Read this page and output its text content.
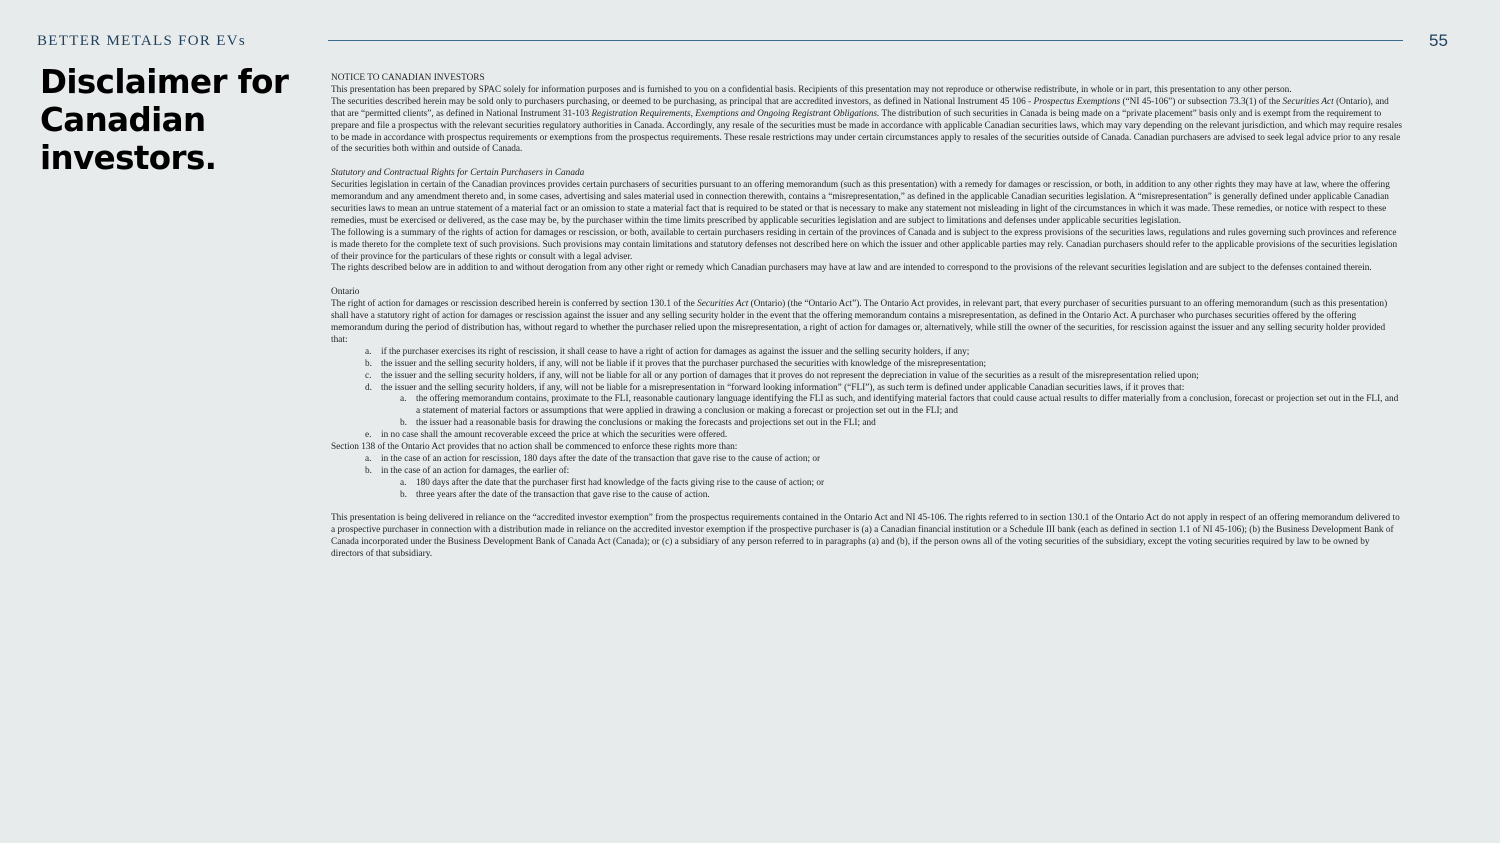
BETTER METALS FOR EVs	55
Disclaimer for
Canadian
investors.

NOTICE TO CANADIAN INVESTORS

This presentation has been prepared by SPAC solely for information purposes and is furnished to you on a confidential basis. Recipients of this presentation may not reproduce or otherwise redistribute, in whole or in part, this presentation to any other person.

The securities described herein may be sold only to purchasers purchasing, or deemed to be purchasing, as principal that are accredited investors, as defined in National Instrument 45 106 - Prospectus Exemptions (“NI 45-106”) or subsection 73.3(1) of the Securities Act (Ontario), and that are “permitted clients”, as defined in National Instrument 31-103 Registration Requirements, Exemptions and Ongoing Registrant Obligations. The distribution of such securities in Canada is being made on a “private placement” basis only and is exempt from the requirement to prepare and file a prospectus with the relevant securities regulatory authorities in Canada. Accordingly, any resale of the securities must be made in accordance with applicable Canadian securities laws, which may vary depending on the relevant jurisdiction, and which may require resales to be made in accordance with prospectus requirements or exemptions from the prospectus requirements. These resale restrictions may under certain circumstances apply to resales of the securities outside of Canada. Canadian purchasers are advised to seek legal advice prior to any resale of the securities both within and outside of Canada.

Statutory and Contractual Rights for Certain Purchasers in Canada

Securities legislation in certain of the Canadian provinces provides certain purchasers of securities pursuant to an offering memorandum (such as this presentation) with a remedy for damages or rescission, or both, in addition to any other rights they may have at law, where the offering memorandum and any amendment thereto and, in some cases, advertising and sales material used in connection therewith, contains a “misrepresentation,” as defined in the applicable Canadian securities legislation. A “misrepresentation” is generally defined under applicable Canadian securities laws to mean an untrue statement of a material fact or an omission to state a material fact that is required to be stated or that is necessary to make any statement not misleading in light of the circumstances in which it was made. These remedies, or notice with respect to these remedies, must be exercised or delivered, as the case may be, by the purchaser within the time limits prescribed by applicable securities legislation and are subject to limitations and defenses under applicable securities legislation.

The following is a summary of the rights of action for damages or rescission, or both, available to certain purchasers residing in certain of the provinces of Canada and is subject to the express provisions of the securities laws, regulations and rules governing such provinces and reference is made thereto for the complete text of such provisions. Such provisions may contain limitations and statutory defenses not described here on which the issuer and other applicable parties may rely. Canadian purchasers should refer to the applicable provisions of the securities legislation of their province for the particulars of these rights or consult with a legal adviser.

The rights described below are in addition to and without derogation from any other right or remedy which Canadian purchasers may have at law and are intended to correspond to the provisions of the relevant securities legislation and are subject to the defenses contained therein.

Ontario

The right of action for damages or rescission described herein is conferred by section 130.1 of the Securities Act (Ontario) (the “Ontario Act”). The Ontario Act provides, in relevant part, that every purchaser of securities pursuant to an offering memorandum (such as this presentation) shall have a statutory right of action for damages or rescission against the issuer and any selling security holder in the event that the offering memorandum contains a misrepresentation, as defined in the Ontario Act. A purchaser who purchases securities offered by the offering memorandum during the period of distribution has, without regard to whether the purchaser relied upon the misrepresentation, a right of action for damages or, alternatively, while still the owner of the securities, for rescission against the issuer and any selling security holder provided that:

a.	if the purchaser exercises its right of rescission, it shall cease to have a right of action for damages as against the issuer and the selling security holders, if any;
b. the issuer and the selling security holders, if any, will not be liable if it proves that the purchaser purchased the securities with knowledge of the misrepresentation;
c.	the issuer and the selling security holders, if any, will not be liable for all or any portion of damages that it proves do not represent the depreciation in value of the securities as a result of the misrepresentation relied upon;
d. the issuer and the selling security holders, if any, will not be liable for a misrepresentation in “forward looking information” (“FLI”), as such term is defined under applicable Canadian securities laws, if it proves that:
a.	the offering memorandum contains, proximate to the FLI, reasonable cautionary language identifying the FLI as such, and identifying material factors that could cause actual results to differ materially from a conclusion, forecast or projection set out in the FLI, and a statement of material factors or assumptions that were applied in drawing a conclusion or making a forecast or projection set out in the FLI; and
b. the issuer had a reasonable basis for drawing the conclusions or making the forecasts and projections set out in the FLI; and
e.	in no case shall the amount recoverable exceed the price at which the securities were offered.

Section 138 of the Ontario Act provides that no action shall be commenced to enforce these rights more than:

a.	in the case of an action for rescission, 180 days after the date of the transaction that gave rise to the cause of action; or
b. in the case of an action for damages, the earlier of:
a.	180 days after the date that the purchaser first had knowledge of the facts giving rise to the cause of action; or
b. three years after the date of the transaction that gave rise to the cause of action.

This presentation is being delivered in reliance on the “accredited investor exemption” from the prospectus requirements contained in the Ontario Act and NI 45-106. The rights referred to in section 130.1 of the Ontario Act do not apply in respect of an offering memorandum delivered to a prospective purchaser in connection with a distribution made in reliance on the accredited investor exemption if the prospective purchaser is (a) a Canadian financial institution or a Schedule III bank (each as defined in section 1.1 of NI 45-106); (b) the Business Development Bank of Canada incorporated under the Business Development Bank of Canada Act (Canada); or (c) a subsidiary of any person referred to in paragraphs (a) and (b), if the person owns all of the voting securities of the subsidiary, except the voting securities required by law to be owned by directors of that subsidiary.
